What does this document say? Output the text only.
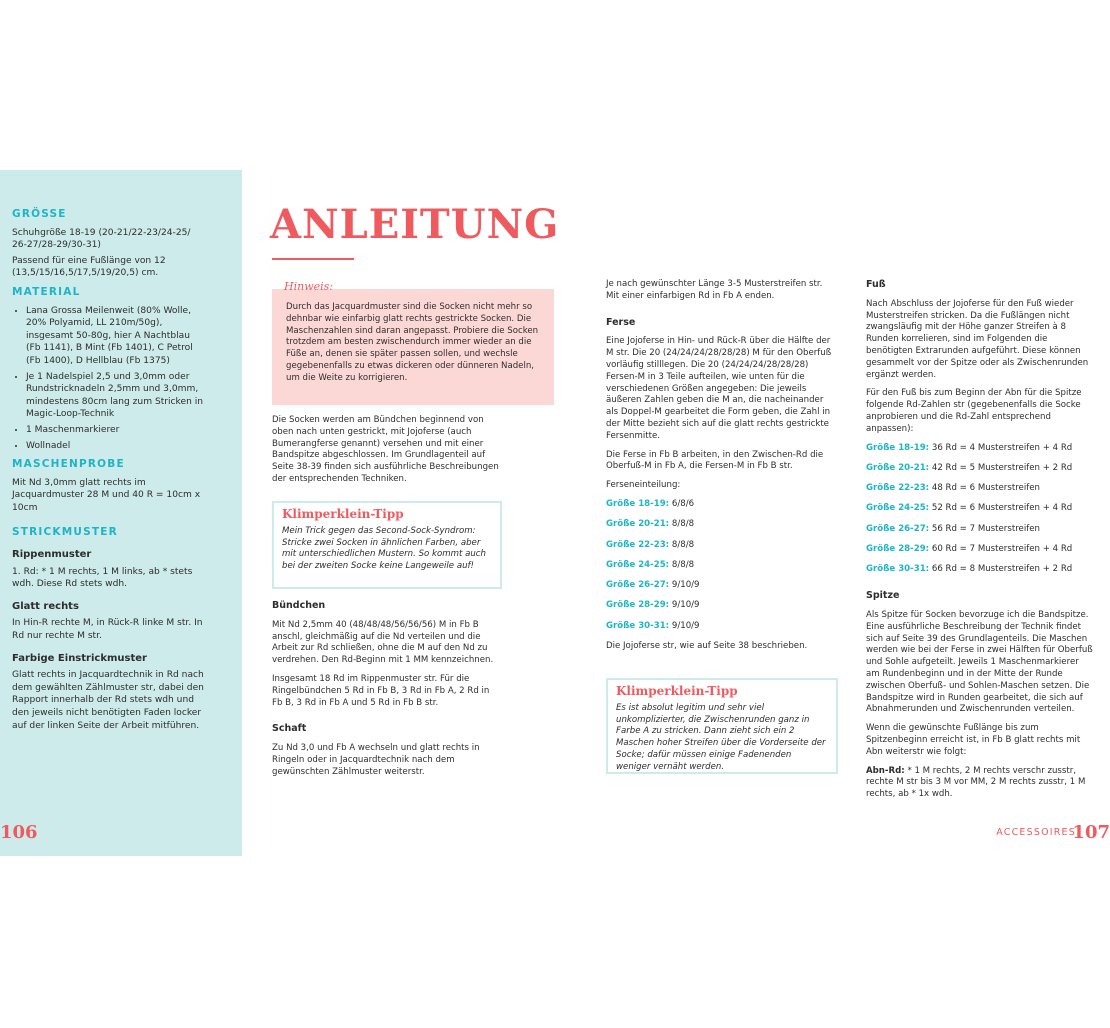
GRÖSSE

Schuhgröße 18-19 (20-21/22-23/24-25/ 26-27/28-29/30-31)

Passend für eine Fußlänge von 12 (13,5/15/16,5/17,5/19/20,5) cm.

MATERIAL
• Lana Grossa Meilenweit (80% Wolle, 20% Polyamid, LL 210m/50g), insgesamt 50-80g, hier A Nachtblau (Fb 1141), B Mint (Fb 1401), C Petrol (Fb 1400), D Hellblau (Fb 1375)
• Je 1 Nadelspiel 2,5 und 3,0mm oder Rundstricknadeln 2,5mm und 3,0mm, mindestens 80cm lang zum Stricken in Magic-Loop-Technik
• 1 Maschenmarkierer
• Wollnadel
MASCHENPROBE

Mit Nd 3,0mm glatt rechts im Jacquardmuster 28 M und 40 R = 10cm x 10cm

STRICKMUSTER
Rippenmuster

1. Rd: * 1 M rechts, 1 M links, ab * stets wdh. Diese Rd stets wdh.

Glatt rechts

In Hin-R rechte M, in Rück-R linke M str. In Rd nur rechte M str.

Farbige Einstrickmuster

Glatt rechts in Jacquardtechnik in Rd nach dem gewählten Zählmuster str, dabei den Rapport innerhalb der Rd stets wdh und den jeweils nicht benötigten Faden locker auf der linken Seite der Arbeit mitführen.

106	ACCESSOIRES
107
ANLEITUNG
Durch das Jacquardmuster sind die Socken nicht mehr so dehnbar wie einfarbig glatt rechts gestrickte Socken. Die Maschenzahlen sind daran angepasst. Probiere die Socken trotzdem am besten zwischendurch immer wieder an die Füße an, denen sie später passen sollen, und wechsle gegebenenfalls zu etwas dickeren oder dünneren Nadeln, um die Weite zu korrigieren.
Hinweis:

Die Socken werden am Bündchen beginnend von oben nach unten gestrickt, mit Jojoferse (auch Bumerangferse genannt) versehen und mit einer Bandspitze abgeschlossen. Im Grundlagenteil auf Seite 38-39 finden sich ausführliche Beschreibungen der entsprechenden Techniken.

Klimperklein-Tipp
Mein Trick gegen das Second-Sock-Syndrom: Stricke zwei Socken in ähnlichen Farben, aber mit unterschiedlichen Mustern. So kommt auch bei der zweiten Socke keine Langeweile auf!

Bündchen

Mit Nd 2,5mm 40 (48/48/48/56/56/56) M in Fb B anschl, gleichmäßig auf die Nd verteilen und die Arbeit zur Rd schließen, ohne die M auf den Nd zu verdrehen. Den Rd-Beginn mit 1 MM kennzeichnen.

Insgesamt 18 Rd im Rippenmuster str. Für die Ringelbündchen 5 Rd in Fb B, 3 Rd in Fb A, 2 Rd in Fb B, 3 Rd in Fb A und 5 Rd in Fb B str.

Schaft

Zu Nd 3,0 und Fb A wechseln und glatt rechts in Ringeln oder in Jacquardtechnik nach dem gewünschten Zählmuster weiterstr.

Je nach gewünschter Länge 3-5 Musterstreifen str. Mit einer einfarbigen Rd in Fb A enden.

Ferse

Eine Jojoferse in Hin- und Rück-R über die Hälfte der M str. Die 20 (24/24/24/28/28/28) M für den Oberfuß vorläufig stilllegen. Die 20 (24/24/24/28/28/28) Fersen-M in 3 Teile aufteilen, wie unten für die verschiedenen Größen angegeben: Die jeweils äußeren Zahlen geben die M an, die nacheinander als Doppel-M gearbeitet die Form geben, die Zahl in der Mitte bezieht sich auf die glatt rechts gestrickte Fersenmitte.

Die Ferse in Fb B arbeiten, in den Zwischen-Rd die Oberfuß-M in Fb A, die Fersen-M in Fb B str.

Ferseneinteilung:

Größe 18-19: 6/8/6

Größe 20-21: 8/8/8

Größe 22-23: 8/8/8

Größe 24-25: 8/8/8

Größe 26-27: 9/10/9

Größe 28-29: 9/10/9

Größe 30-31: 9/10/9

Die Jojoferse str, wie auf Seite 38 beschrieben.

Klimperklein-Tipp
Es ist absolut legitim und sehr viel unkomplizierter, die Zwischenrunden ganz in Farbe A zu stricken. Dann zieht sich ein 2 Maschen hoher Streifen über die Vorderseite der Socke; dafür müssen einige Fadenenden weniger vernäht werden.

Fuß

Nach Abschluss der Jojoferse für den Fuß wieder Musterstreifen stricken. Da die Fußlängen nicht zwangsläufig mit der Höhe ganzer Streifen à 8 Runden korrelieren, sind im Folgenden die benötigten Extrarunden aufgeführt. Diese können gesammelt vor der Spitze oder als Zwischenrunden ergänzt werden.

Für den Fuß bis zum Beginn der Abn für die Spitze folgende Rd-Zahlen str (gegebenenfalls die Socke anprobieren und die Rd-Zahl entsprechend anpassen):

Größe 18-19: 36 Rd = 4 Musterstreifen + 4 Rd

Größe 20-21: 42 Rd = 5 Musterstreifen + 2 Rd

Größe 22-23: 48 Rd = 6 Musterstreifen

Größe 24-25: 52 Rd = 6 Musterstreifen + 4 Rd

Größe 26-27: 56 Rd = 7 Musterstreifen

Größe 28-29: 60 Rd = 7 Musterstreifen + 4 Rd

Größe 30-31: 66 Rd = 8 Musterstreifen + 2 Rd

Spitze

Als Spitze für Socken bevorzuge ich die Bandspitze. Eine ausführliche Beschreibung der Technik findet sich auf Seite 39 des Grundlagenteils. Die Maschen werden wie bei der Ferse in zwei Hälften für Oberfuß und Sohle aufgeteilt. Jeweils 1 Maschenmarkierer am Rundenbeginn und in der Mitte der Runde zwischen Oberfuß- und Sohlen-Maschen setzen. Die Bandspitze wird in Runden gearbeitet, die sich auf Abnahmerunden und Zwischenrunden verteilen.

Wenn die gewünschte Fußlänge bis zum Spitzenbeginn erreicht ist, in Fb B glatt rechts mit Abn weiterstr wie folgt:

Abn-Rd: * 1 M rechts, 2 M rechts verschr zusstr, rechte M str bis 3 M vor MM, 2 M rechts zusstr, 1 M rechts, ab * 1x wdh.
